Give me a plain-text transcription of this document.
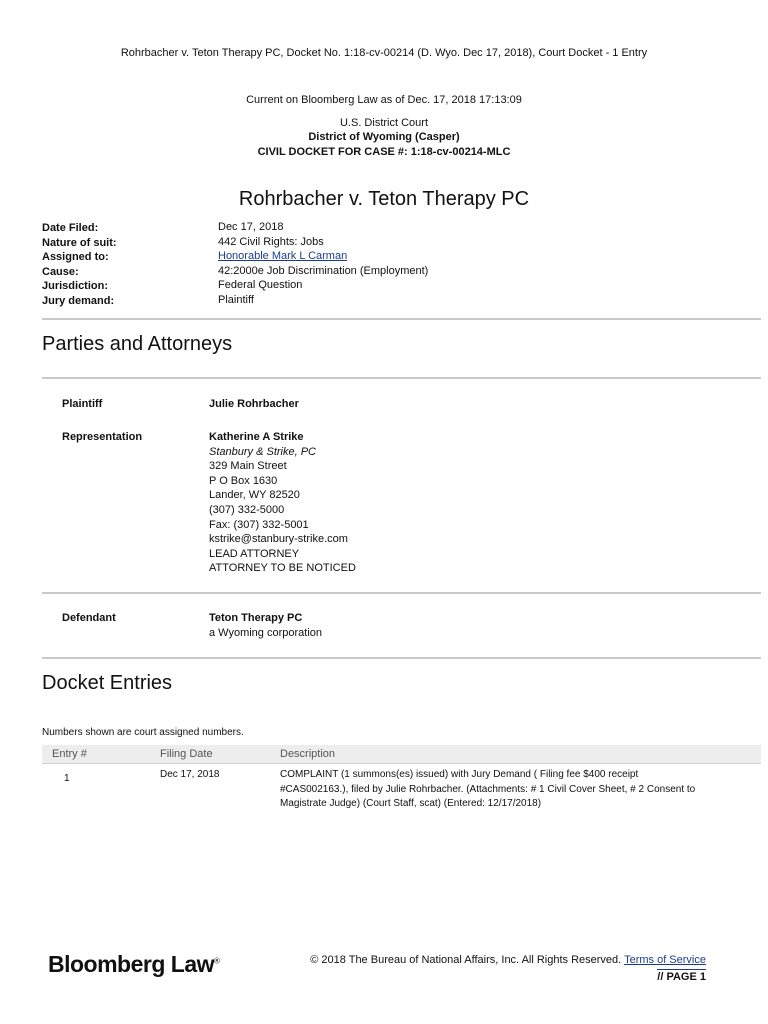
Rohrbacher v. Teton Therapy PC, Docket No. 1:18-cv-00214 (D. Wyo. Dec 17, 2018), Court Docket - 1 Entry
Current on Bloomberg Law as of Dec. 17, 2018 17:13:09
U.S. District Court
District of Wyoming (Casper)
CIVIL DOCKET FOR CASE #: 1:18-cv-00214-MLC
Rohrbacher v. Teton Therapy PC
Date Filed:	Dec 17, 2018
Nature of suit:	442 Civil Rights: Jobs
Assigned to:	Honorable Mark L Carman
Cause:	42:2000e Job Discrimination (Employment)
Jurisdiction:	Federal Question
Jury demand:	Plaintiff
Parties and Attorneys
Plaintiff	Julie Rohrbacher
Representation	Katherine A Strike
Stanbury & Strike, PC
329 Main Street
P O Box 1630
Lander, WY 82520
(307) 332-5000
Fax: (307) 332-5001
kstrike@stanbury-strike.com
LEAD ATTORNEY
ATTORNEY TO BE NOTICED
Defendant	Teton Therapy PC
a Wyoming corporation
Docket Entries
Numbers shown are court assigned numbers.
Entry #	Filing Date	Description
1	Dec 17, 2018	COMPLAINT (1 summons(es) issued) with Jury Demand ( Filing fee $400 receipt
#CAS002163.), filed by Julie Rohrbacher. (Attachments: # 1 Civil Cover Sheet, # 2 Consent to
Magistrate Judge) (Court Staff, scat) (Entered: 12/17/2018)
Bloomberg Law®	© 2018 The Bureau of National Affairs, Inc. All Rights Reserved. Terms of Service
// PAGE 1
